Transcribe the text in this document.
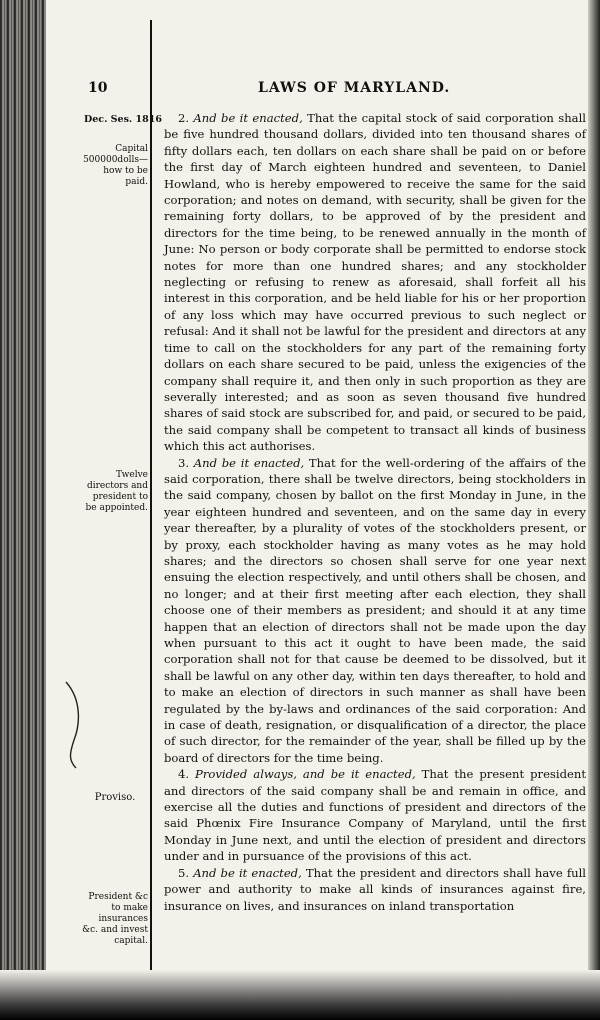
10	LAWS OF MARYLAND.
Dec. Ses. 1816
Capital 500000dolls—how to be paid.
Twelve directors and president to be appointed.
Proviso.
President &c to make insurances &c. and invest capital.

2. And be it enacted, That the capital stock of said corporation shall be five hundred thousand dollars, divided into ten thousand shares of fifty dollars each, ten dollars on each share shall be paid on or before the first day of March eighteen hundred and seventeen, to Daniel Howland, who is hereby empowered to receive the same for the said corporation; and notes on demand, with security, shall be given for the remaining forty dollars, to be approved of by the president and directors for the time being, to be renewed annually in the month of June: No person or body corporate shall be permitted to endorse stock notes for more than one hundred shares; and any stockholder neglecting or refusing to renew as aforesaid, shall forfeit all his interest in this corporation, and be held liable for his or her proportion of any loss which may have occurred previous to such neglect or refusal: And it shall not be lawful for the president and directors at any time to call on the stockholders for any part of the remaining forty dollars on each share secured to be paid, unless the exigencies of the company shall require it, and then only in such proportion as they are severally interested; and as soon as seven thousand five hundred shares of said stock are subscribed for, and paid, or secured to be paid, the said company shall be competent to transact all kinds of business which this act authorises.

3. And be it enacted, That for the well-ordering of the affairs of the said corporation, there shall be twelve directors, being stockholders in the said company, chosen by ballot on the first Monday in June, in the year eighteen hundred and seventeen, and on the same day in every year thereafter, by a plurality of votes of the stockholders present, or by proxy, each stockholder having as many votes as he may hold shares; and the directors so chosen shall serve for one year next ensuing the election respectively, and until others shall be chosen, and no longer; and at their first meeting after each election, they shall choose one of their members as president; and should it at any time happen that an election of directors shall not be made upon the day when pursuant to this act it ought to have been made, the said corporation shall not for that cause be deemed to be dissolved, but it shall be lawful on any other day, within ten days thereafter, to hold and to make an election of directors in such manner as shall have been regulated by the by-laws and ordinances of the said corporation: And in case of death, resignation, or disqualification of a director, the place of such director, for the remainder of the year, shall be filled up by the board of directors for the time being.

4. Provided always, and be it enacted, That the present president and directors of the said company shall be and remain in office, and exercise all the duties and functions of president and directors of the said Phœnix Fire Insurance Company of Maryland, until the first Monday in June next, and until the election of president and directors under and in pursuance of the provisions of this act.

5. And be it enacted, That the president and directors shall have full power and authority to make all kinds of insurances against fire, insurance on lives, and insurances on inland transportation
